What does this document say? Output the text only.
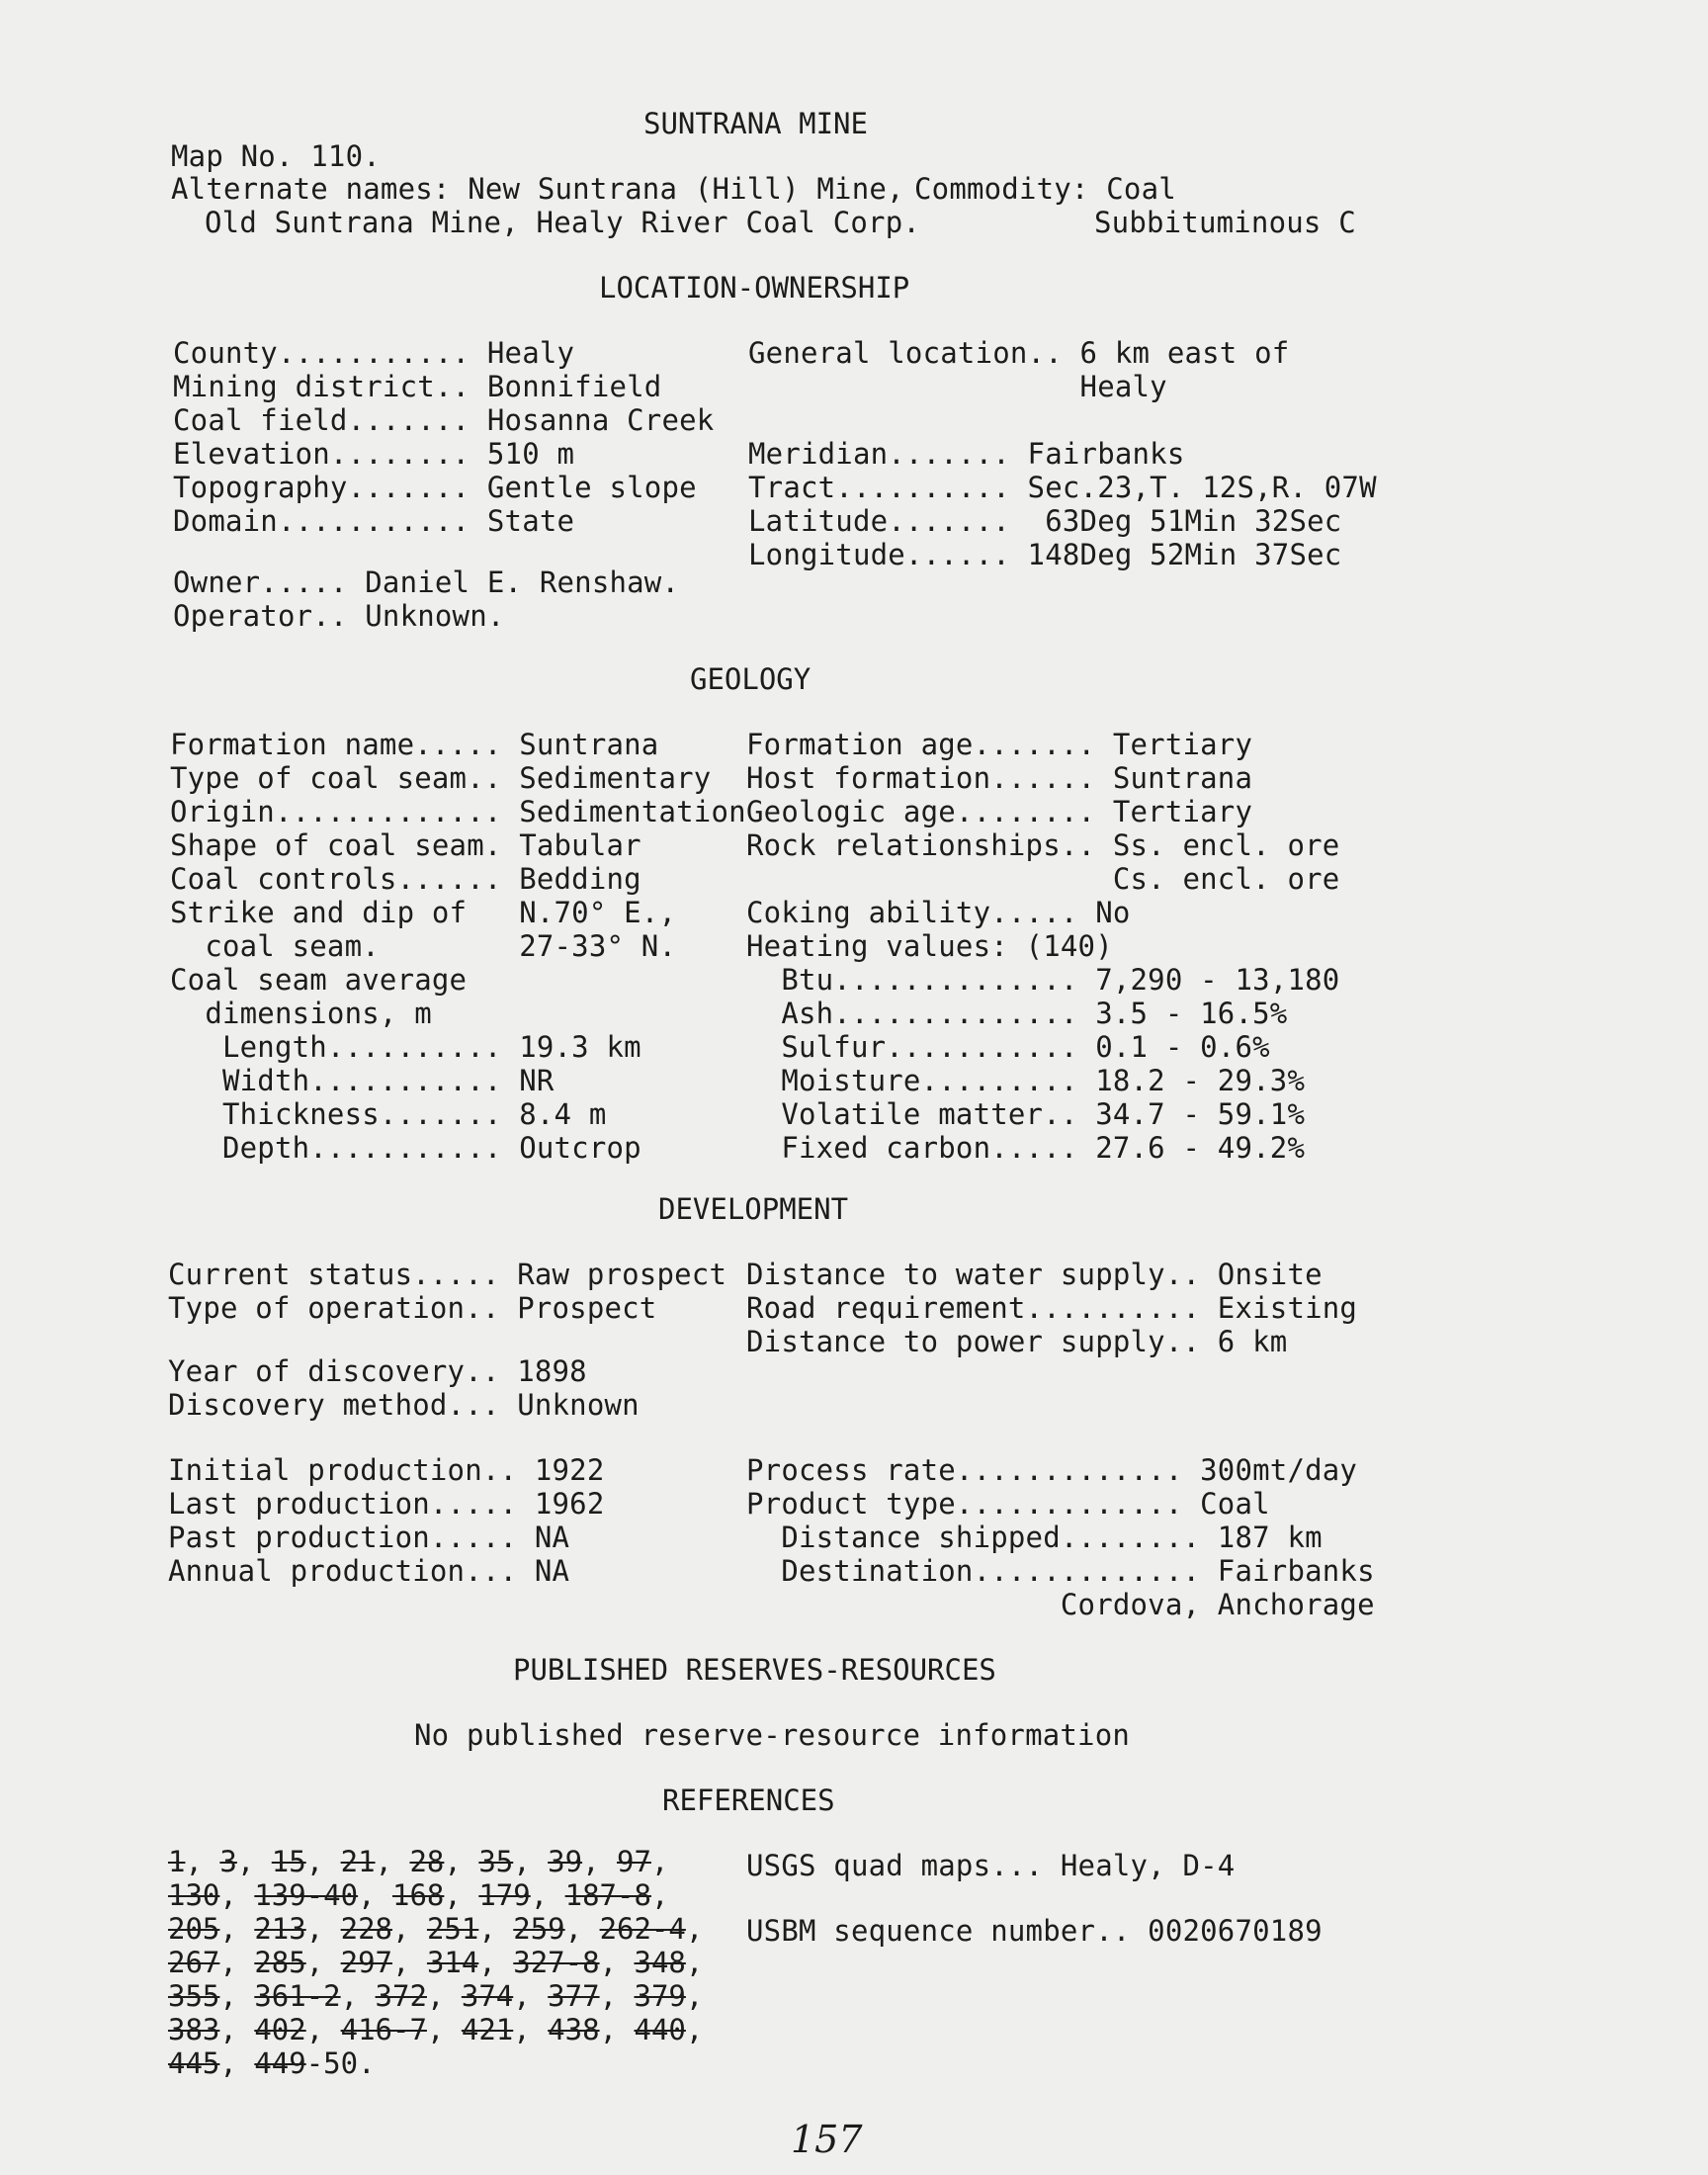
SUNTRANA MINE
Map No. 110.
Alternate names: New Suntrana (Hill) Mine,
Old Suntrana Mine, Healy River Coal Corp.
Commodity: Coal
Subbituminous C
LOCATION-OWNERSHIP
County........... Healy
Mining district.. Bonnifield
Coal field....... Hosanna Creek
Elevation........ 510 m
Topography....... Gentle slope
Domain........... State
General location.. 6 km east of
Healy

Meridian....... Fairbanks
Tract.......... Sec.23,T. 12S,R. 07W
Latitude.......  63Deg 51Min 32Sec
Longitude...... 148Deg 52Min 37Sec
Owner..... Daniel E. Renshaw.
Operator.. Unknown.
GEOLOGY
Formation name..... Suntrana
Type of coal seam.. Sedimentary
Origin............. Sedimentation
Shape of coal seam. Tabular
Coal controls...... Bedding
Strike and dip of   N.70° E.,
coal seam.        27-33° N.
Coal seam average
dimensions, m
Length.......... 19.3 km
Width........... NR
Thickness....... 8.4 m
Depth........... Outcrop
Formation age....... Tertiary
Host formation...... Suntrana
Geologic age........ Tertiary
Rock relationships.. Ss. encl. ore
Cs. encl. ore
Coking ability..... No
Heating values: (140)
Btu.............. 7,290 - 13,180
Ash.............. 3.5 - 16.5%
Sulfur........... 0.1 - 0.6%
Moisture......... 18.2 - 29.3%
Volatile matter.. 34.7 - 59.1%
Fixed carbon..... 27.6 - 49.2%
DEVELOPMENT
Current status..... Raw prospect
Type of operation.. Prospect
Year of discovery.. 1898
Discovery method... Unknown
Distance to water supply.. Onsite
Road requirement.......... Existing
Distance to power supply.. 6 km
Initial production.. 1922
Last production..... 1962
Past production..... NA
Annual production... NA
Process rate............. 300mt/day
Product type............. Coal
Distance shipped........ 187 km
Destination............. Fairbanks
Cordova, Anchorage
PUBLISHED RESERVES-RESOURCES
No published reserve-resource information
REFERENCES
1, 3, 15, 21, 28, 35, 39, 97,
130, 139-40, 168, 179, 187-8,
205, 213, 228, 251, 259, 262-4,
267, 285, 297, 314, 327-8, 348,
355, 361-2, 372, 374, 377, 379,
383, 402, 416-7, 421, 438, 440,
445, 449-50.
USGS quad maps... Healy, D-4
USBM sequence number.. 0020670189
157
